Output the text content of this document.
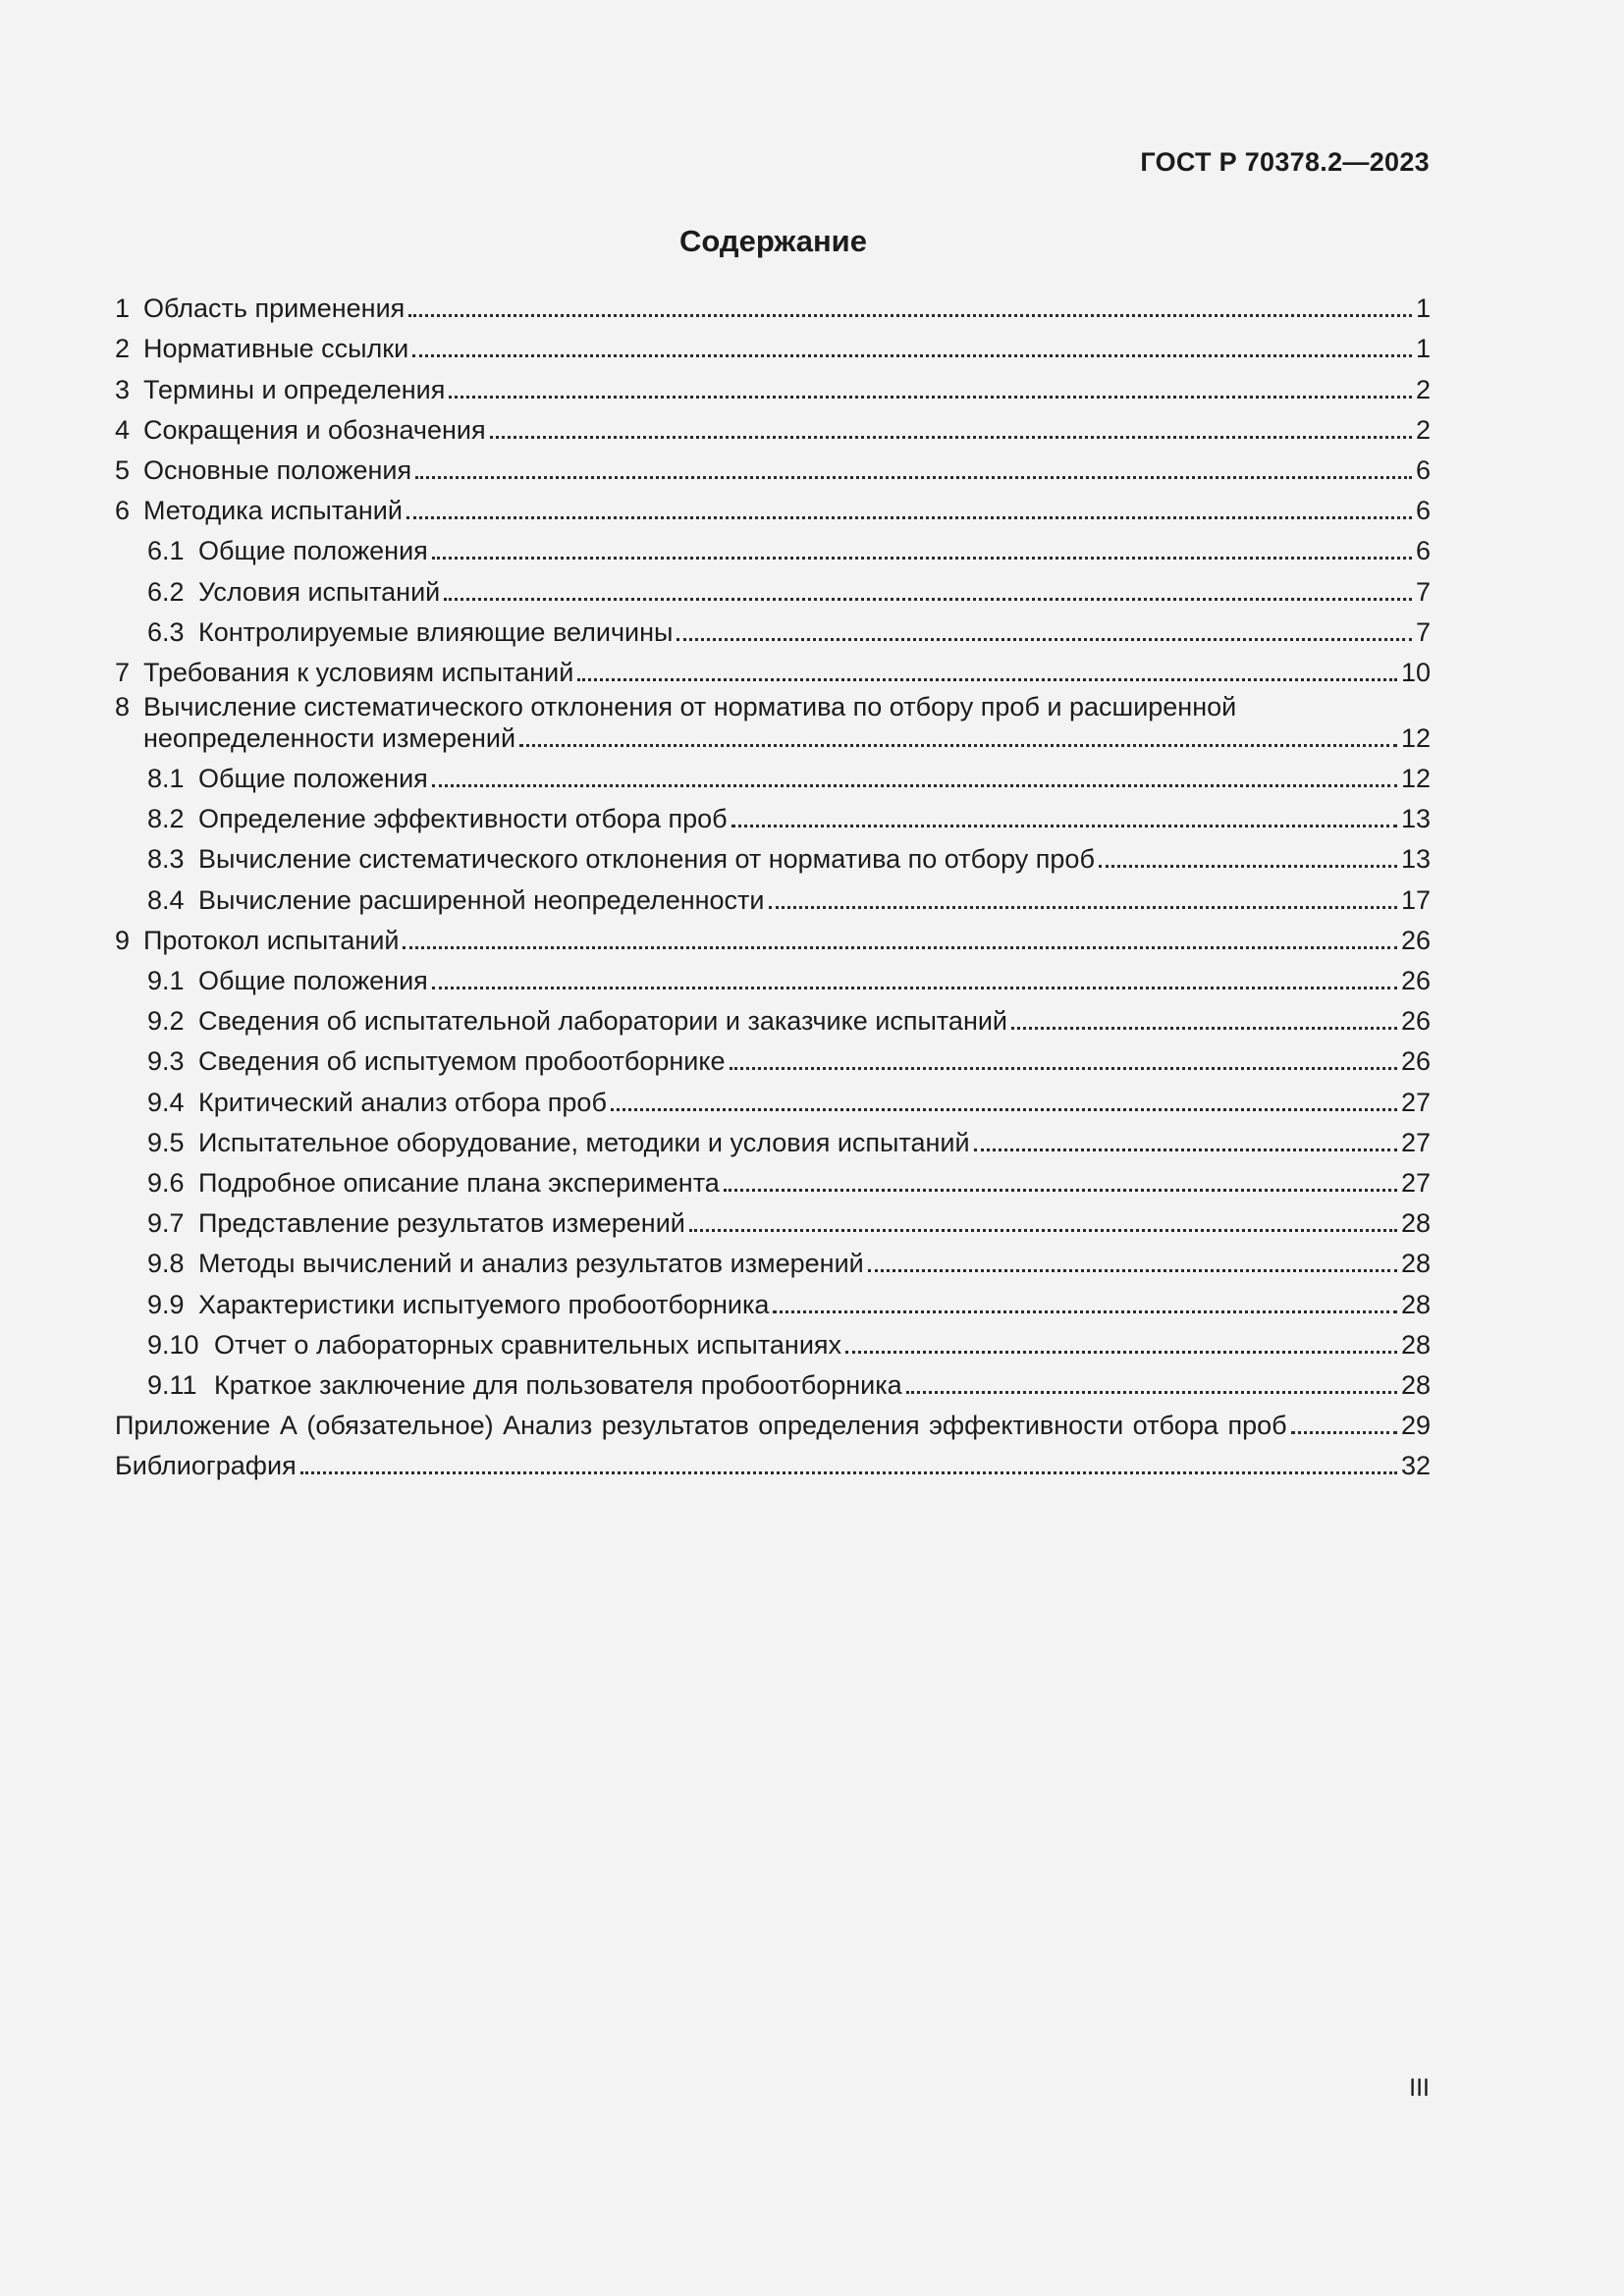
ГОСТ Р 70378.2—2023
Содержание
1 Область применения	1
2 Нормативные ссылки	1
3 Термины и определения	2
4 Сокращения и обозначения	2
5 Основные положения	6
6 Методика испытаний	6
6.1 Общие положения	6
6.2 Условия испытаний	7
6.3 Контролируемые влияющие величины	7
7 Требования к условиям испытаний	10
8 Вычисление систематического отклонения от норматива по отбору проб и расширенной
неопределенности измерений	12
8.1 Общие положения	12
8.2 Определение эффективности отбора проб	13
8.3 Вычисление систематического отклонения от норматива по отбору проб	13
8.4 Вычисление расширенной неопределенности	17
9 Протокол испытаний	26
9.1 Общие положения	26
9.2 Сведения об испытательной лаборатории и заказчике испытаний	26
9.3 Сведения об испытуемом пробоотборнике	26
9.4 Критический анализ отбора проб	27
9.5 Испытательное оборудование, методики и условия испытаний	27
9.6 Подробное описание плана эксперимента	27
9.7 Представление результатов измерений	28
9.8 Методы вычислений и анализ результатов измерений	28
9.9 Характеристики испытуемого пробоотборника	28
9.10 Отчет о лабораторных сравнительных испытаниях	28
9.11 Краткое заключение для пользователя пробоотборника	28
Приложение А (обязательное) Анализ результатов определения эффективности отбора проб	29
Библиография	32
III
